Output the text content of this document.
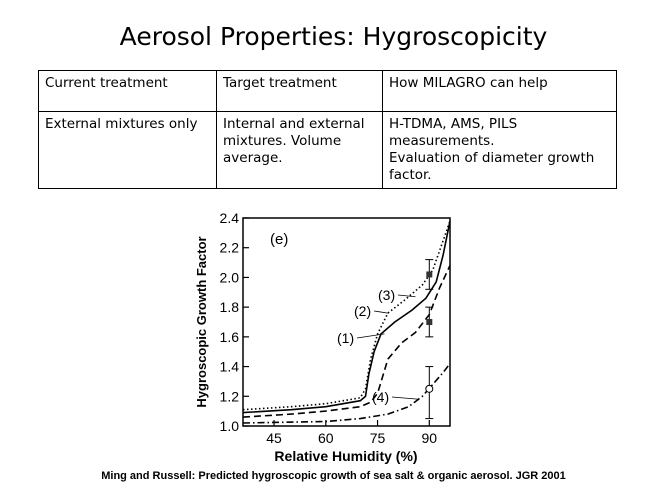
Aerosol Properties: Hygroscopicity
Current treatment	Target treatment	How MILAGRO can help
External mixtures only	Internal and external mixtures. Volume average.	H-TDMA, AMS, PILS measurements.
Evaluation of diameter growth factor.
1.0
1.2
1.4
1.6
1.8
2.0
2.2
2.4
45	60	75	90
(e)
(1)
(2)
(3)
(4)
Relative Humidity (%)
Hygroscopic Growth Factor
Ming and Russell: Predicted hygroscopic growth of sea salt & organic aerosol. JGR 2001
